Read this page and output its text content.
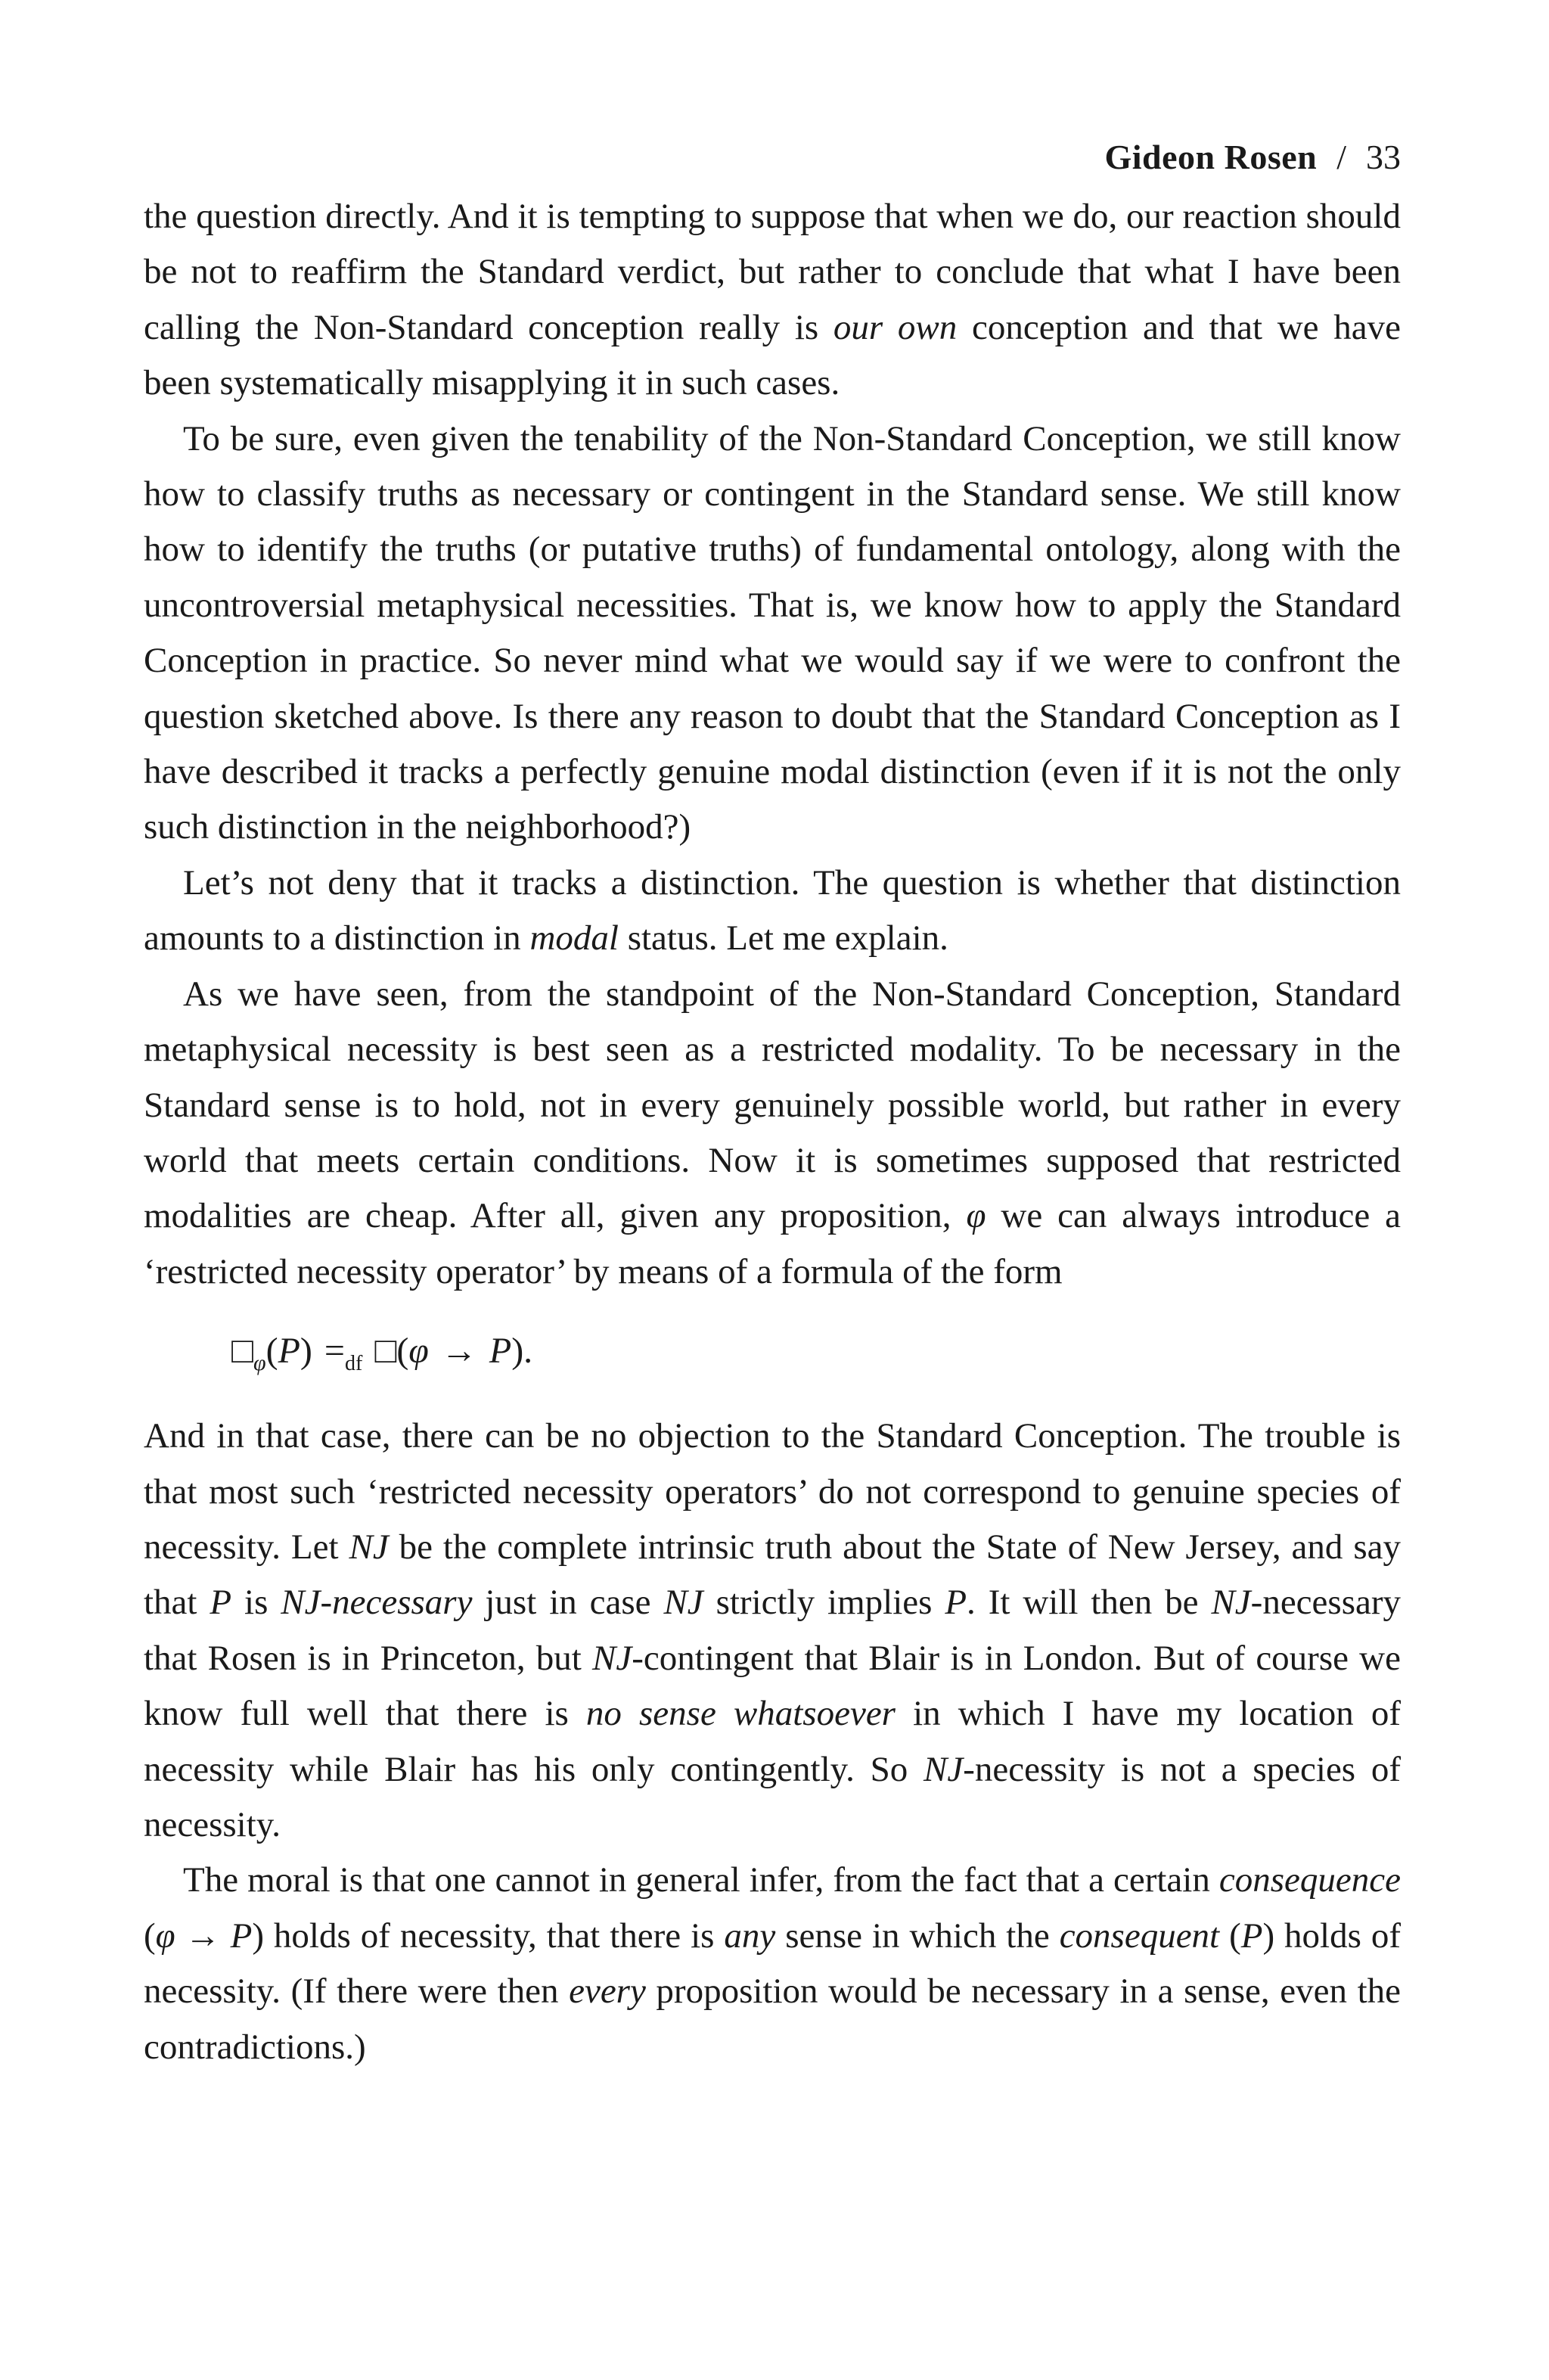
Gideon Rosen / 33

the question directly. And it is tempting to suppose that when we do, our reaction should be not to reaffirm the Standard verdict, but rather to conclude that what I have been calling the Non-Standard conception really is our own conception and that we have been systematically misapplying it in such cases.

To be sure, even given the tenability of the Non-Standard Conception, we still know how to classify truths as necessary or contingent in the Standard sense. We still know how to identify the truths (or putative truths) of fundamental ontology, along with the uncontroversial metaphysical necessities. That is, we know how to apply the Standard Conception in practice. So never mind what we would say if we were to confront the question sketched above. Is there any reason to doubt that the Standard Conception as I have described it tracks a perfectly genuine modal distinction (even if it is not the only such distinction in the neighborhood?)

Let’s not deny that it tracks a distinction. The question is whether that distinction amounts to a distinction in modal status. Let me explain.

As we have seen, from the standpoint of the Non-Standard Conception, Standard metaphysical necessity is best seen as a restricted modality. To be necessary in the Standard sense is to hold, not in every genuinely possible world, but rather in every world that meets certain conditions. Now it is sometimes supposed that restricted modalities are cheap. After all, given any proposition, φ we can always introduce a ‘restricted necessity operator’ by means of a formula of the form

$□_\varphi(P) =_{df}$ □(φ → P).

And in that case, there can be no objection to the Standard Conception. The trouble is that most such ‘restricted necessity operators’ do not correspond to genuine species of necessity. Let NJ be the complete intrinsic truth about the State of New Jersey, and say that P is NJ-necessary just in case NJ strictly implies P. It will then be NJ-necessary that Rosen is in Princeton, but NJ-contingent that Blair is in London. But of course we know full well that there is no sense whatsoever in which I have my location of necessity while Blair has his only contingently. So NJ-necessity is not a species of necessity.

The moral is that one cannot in general infer, from the fact that a certain consequence (φ → P) holds of necessity, that there is any sense in which the consequent (P) holds of necessity. (If there were then every proposition would be necessary in a sense, even the contradictions.)
